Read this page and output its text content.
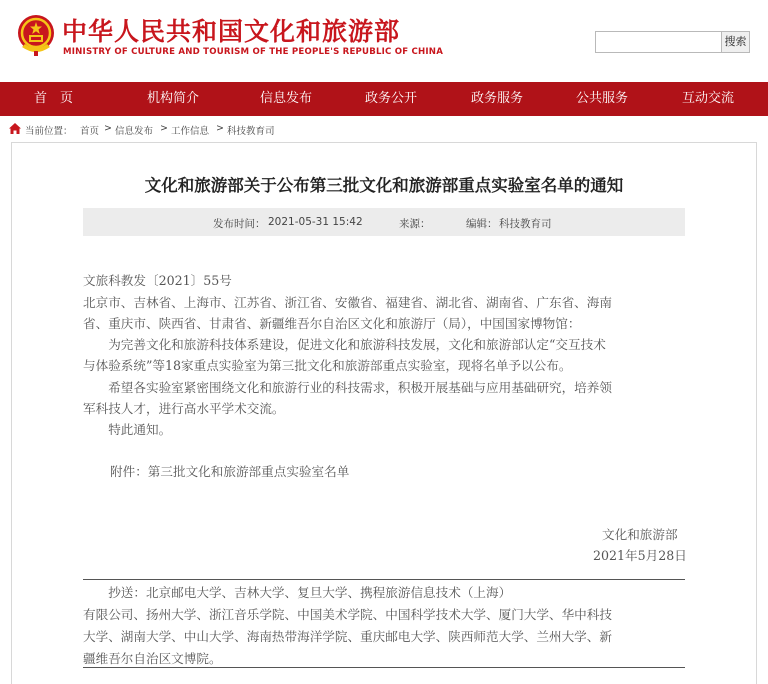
中华人民共和国文化和旅游部
MINISTRY OF CULTURE AND TOURISM OF THE PEOPLE'S REPUBLIC OF CHINA
搜索
首　页	机构简介	信息发布	政务公开	政务服务	公共服务	互动交流
当前位置： 首页 > 信息发布 > 工作信息 > 科技教育司
文化和旅游部关于公布第三批文化和旅游部重点实验室名单的通知
发布时间： 2021-05-31 15:42	来源：	编辑： 科技教育司
文旅科教发〔2021〕55号
北京市、吉林省、上海市、江苏省、浙江省、安徽省、福建省、湖北省、湖南省、广东省、海南
省、重庆市、陕西省、甘肃省、新疆维吾尔自治区文化和旅游厅（局），中国国家博物馆：
　　为完善文化和旅游科技体系建设，促进文化和旅游科技发展，文化和旅游部认定“交互技术
与体验系统”等18家重点实验室为第三批文化和旅游部重点实验室，现将名单予以公布。
　　希望各实验室紧密围绕文化和旅游行业的科技需求，积极开展基础与应用基础研究，培养领
军科技人才，进行高水平学术交流。
　　特此通知。
附件：第三批文化和旅游部重点实验室名单
文化和旅游部
2021年5月28日
　　抄送：北京邮电大学、吉林大学、复旦大学、携程旅游信息技术（上海）
有限公司、扬州大学、浙江音乐学院、中国美术学院、中国科学技术大学、厦门大学、华中科技
大学、湖南大学、中山大学、海南热带海洋学院、重庆邮电大学、陕西师范大学、兰州大学、新
疆维吾尔自治区文博院。
